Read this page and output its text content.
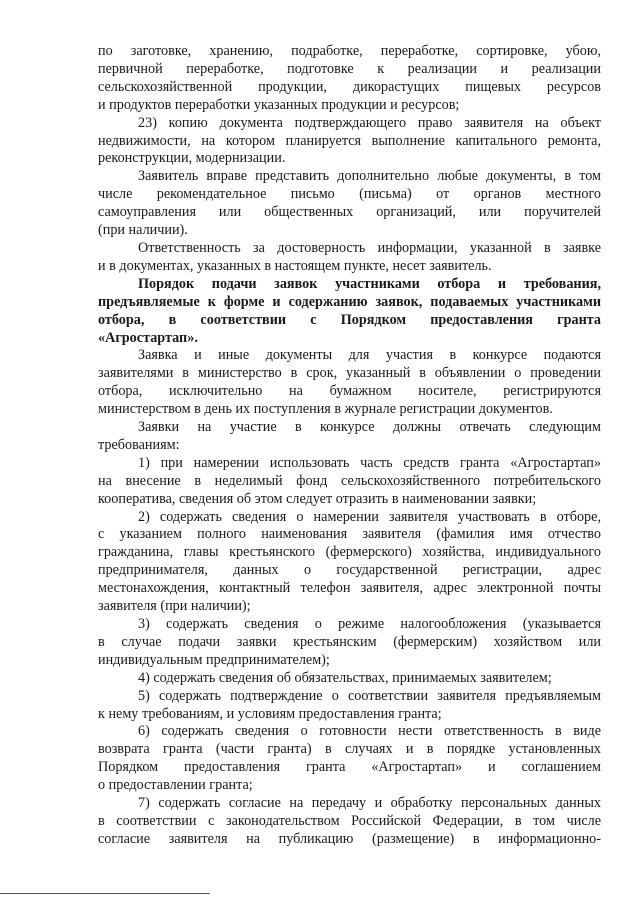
по заготовке, хранению, подработке, переработке, сортировке, убою,
первичной переработке, подготовке к реализации и реализации
сельскохозяйственной продукции, дикорастущих пищевых ресурсов
и продуктов переработки указанных продукции и ресурсов;
23) копию документа подтверждающего право заявителя на объект
недвижимости, на котором планируется выполнение капитального ремонта,
реконструкции, модернизации.
Заявитель вправе представить дополнительно любые документы, в том
числе рекомендательное письмо (письма) от органов местного
самоуправления или общественных организаций, или поручителей
(при наличии).
Ответственность за достоверность информации, указанной в заявке
и в документах, указанных в настоящем пункте, несет заявитель.
Порядок подачи заявок участниками отбора и требования,
предъявляемые к форме и содержанию заявок, подаваемых участниками
отбора, в соответствии с Порядком предоставления гранта
«Агростартап».
Заявка и иные документы для участия в конкурсе подаются
заявителями в министерство в срок, указанный в объявлении о проведении
отбора, исключительно на бумажном носителе, регистрируются
министерством в день их поступления в журнале регистрации документов.
Заявки на участие в конкурсе должны отвечать следующим
требованиям:
1) при намерении использовать часть средств гранта «Агростартап»
на внесение в неделимый фонд сельскохозяйственного потребительского
кооператива, сведения об этом следует отразить в наименовании заявки;
2) содержать сведения о намерении заявителя участвовать в отборе,
с указанием полного наименования заявителя (фамилия имя отчество
гражданина, главы крестьянского (фермерского) хозяйства, индивидуального
предпринимателя, данных о государственной регистрации, адрес
местонахождения, контактный телефон заявителя, адрес электронной почты
заявителя (при наличии);
3) содержать сведения о режиме налогообложения (указывается
в случае подачи заявки крестьянским (фермерским) хозяйством или
индивидуальным предпринимателем);
4) содержать сведения об обязательствах, принимаемых заявителем;
5) содержать подтверждение о соответствии заявителя предъявляемым
к нему требованиям, и условиям предоставления гранта;
6) содержать сведения о готовности нести ответственность в виде
возврата гранта (части гранта) в случаях и в порядке установленных
Порядком предоставления гранта «Агростартап» и соглашением
о предоставлении гранта;
7) содержать согласие на передачу и обработку персональных данных
в соответствии с законодательством Российской Федерации, в том числе
согласие заявителя на публикацию (размещение) в информационно-
